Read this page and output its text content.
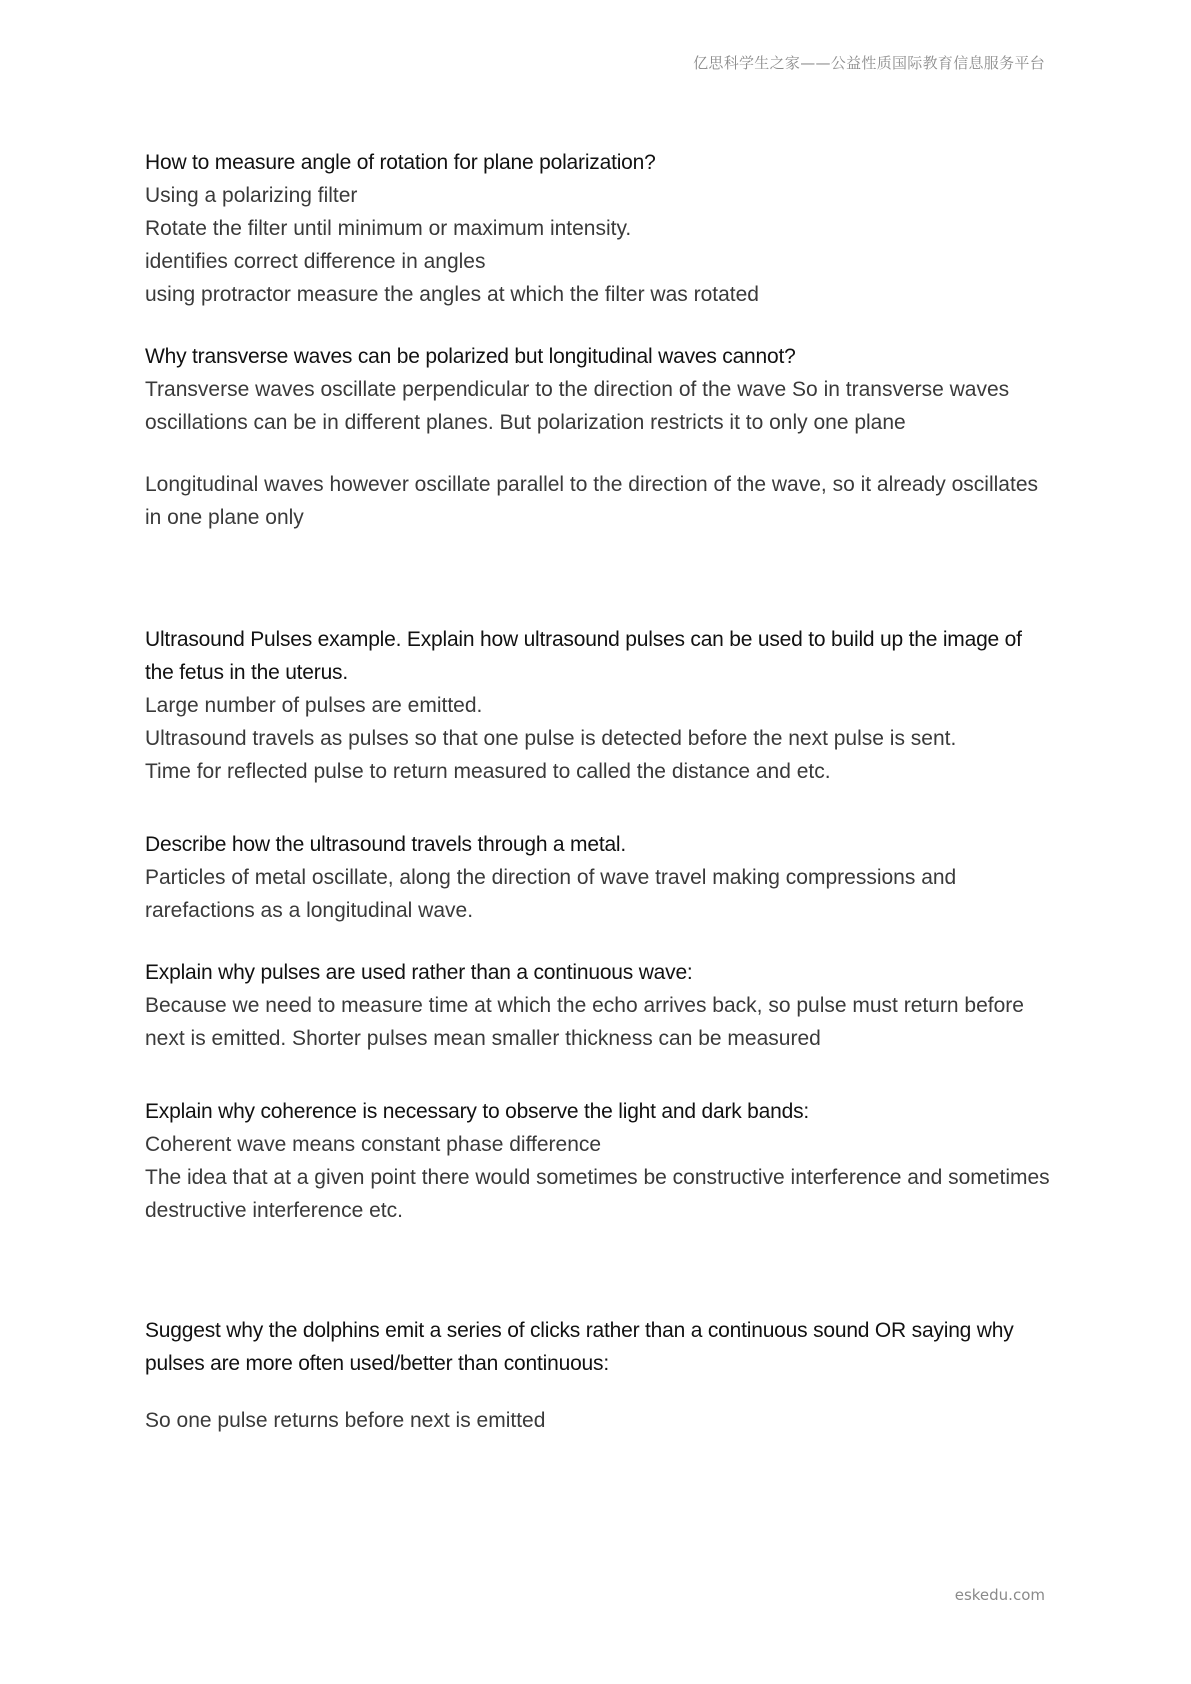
亿思科学生之家——公益性质国际教育信息服务平台

How to measure angle of rotation for plane polarization?

Using a polarizing filter

Rotate the filter until minimum or maximum intensity.

identifies correct difference in angles

using protractor measure the angles at which the filter was rotated

Why transverse waves can be polarized but longitudinal waves cannot?

Transverse waves oscillate perpendicular to the direction of the wave So in transverse waves oscillations can be in different planes. But polarization restricts it to only one plane

Longitudinal waves however oscillate parallel to the direction of the wave, so it already oscillates in one plane only

Ultrasound Pulses example. Explain how ultrasound pulses can be used to build up the image of the fetus in the uterus.

Large number of pulses are emitted.

Ultrasound travels as pulses so that one pulse is detected before the next pulse is sent.

Time for reflected pulse to return measured to called the distance and etc.

Describe how the ultrasound travels through a metal.

Particles of metal oscillate, along the direction of wave travel making compressions and rarefactions as a longitudinal wave.

Explain why pulses are used rather than a continuous wave:

Because we need to measure time at which the echo arrives back, so pulse must return before next is emitted. Shorter pulses mean smaller thickness can be measured

Explain why coherence is necessary to observe the light and dark bands:

Coherent wave means constant phase difference

The idea that at a given point there would sometimes be constructive interference and sometimes destructive interference etc.

Suggest why the dolphins emit a series of clicks rather than a continuous sound OR saying why pulses are more often used/better than continuous:

So one pulse returns before next is emitted

eskedu.com
